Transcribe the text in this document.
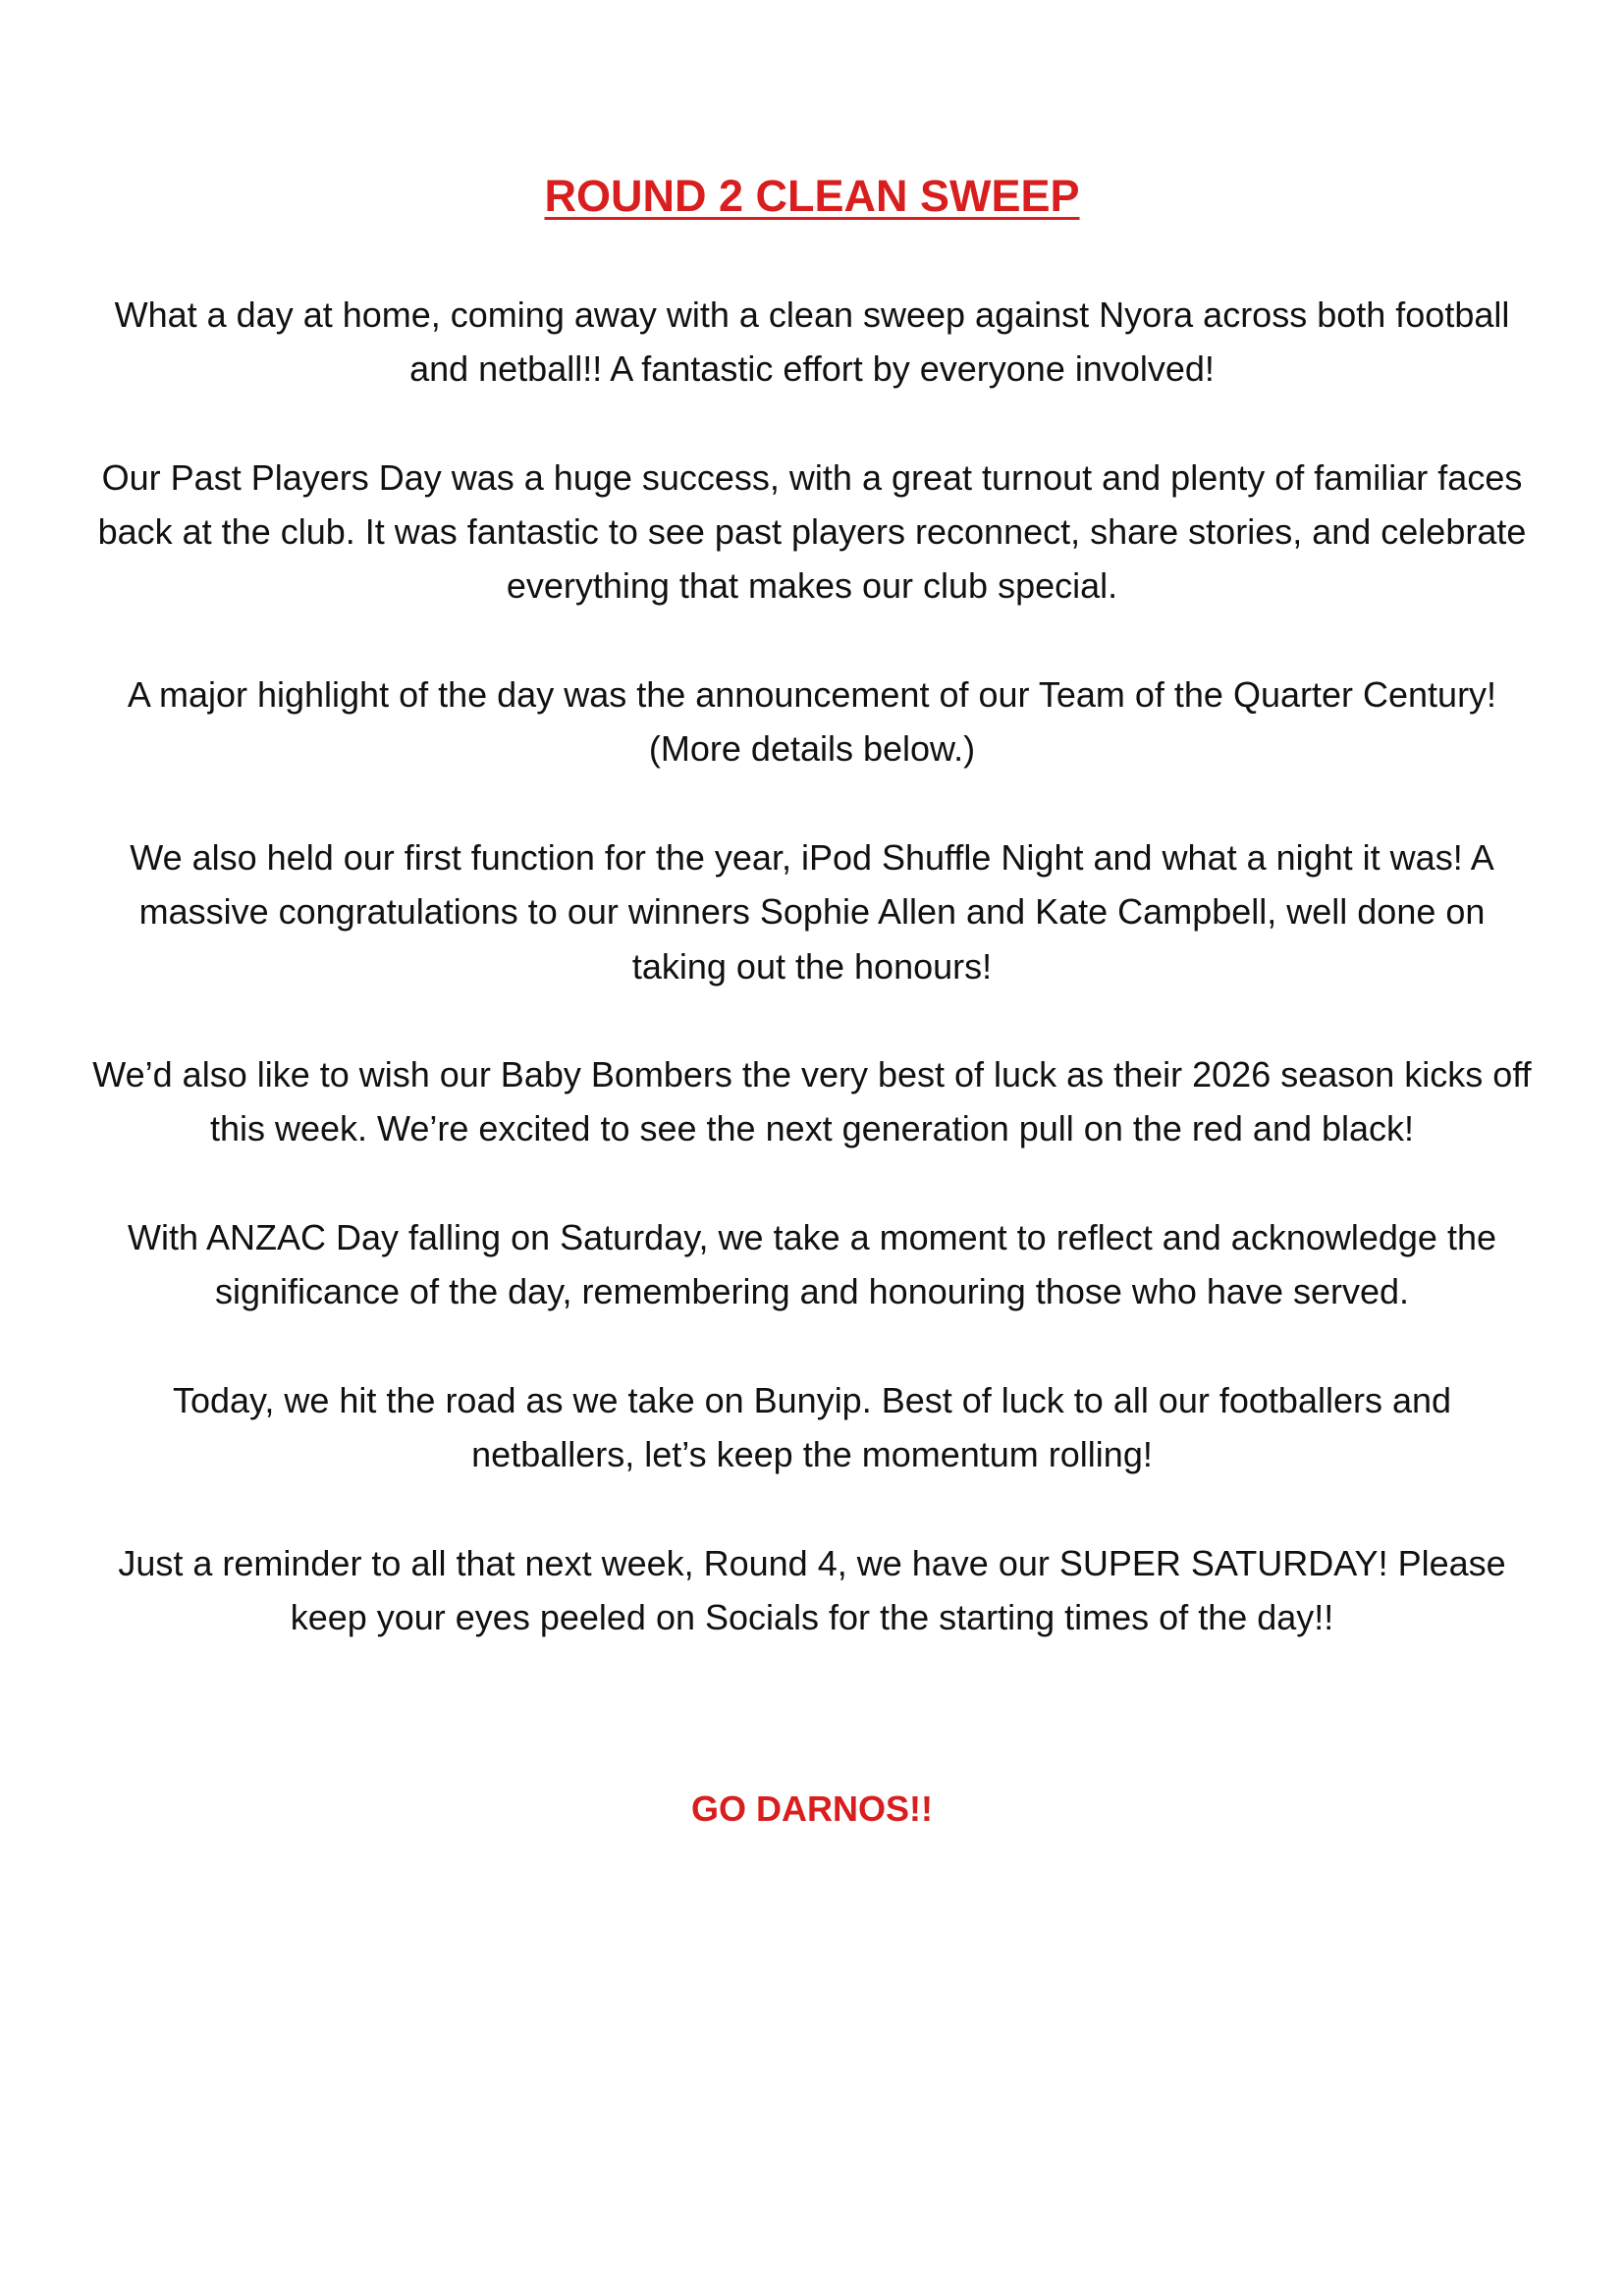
ROUND 2 CLEAN SWEEP

What a day at home, coming away with a clean sweep against Nyora across both football and netball!! A fantastic effort by everyone involved!

Our Past Players Day was a huge success, with a great turnout and plenty of familiar faces back at the club. It was fantastic to see past players reconnect, share stories, and celebrate everything that makes our club special.

A major highlight of the day was the announcement of our Team of the Quarter Century! (More details below.)

We also held our first function for the year, iPod Shuffle Night and what a night it was! A massive congratulations to our winners Sophie Allen and Kate Campbell, well done on taking out the honours!

We’d also like to wish our Baby Bombers the very best of luck as their 2026 season kicks off this week. We’re excited to see the next generation pull on the red and black!

With ANZAC Day falling on Saturday, we take a moment to reflect and acknowledge the significance of the day, remembering and honouring those who have served.

Today, we hit the road as we take on Bunyip. Best of luck to all our footballers and netballers, let’s keep the momentum rolling!

Just a reminder to all that next week, Round 4, we have our SUPER SATURDAY! Please keep your eyes peeled on Socials for the starting times of the day!!

GO DARNOS!!
